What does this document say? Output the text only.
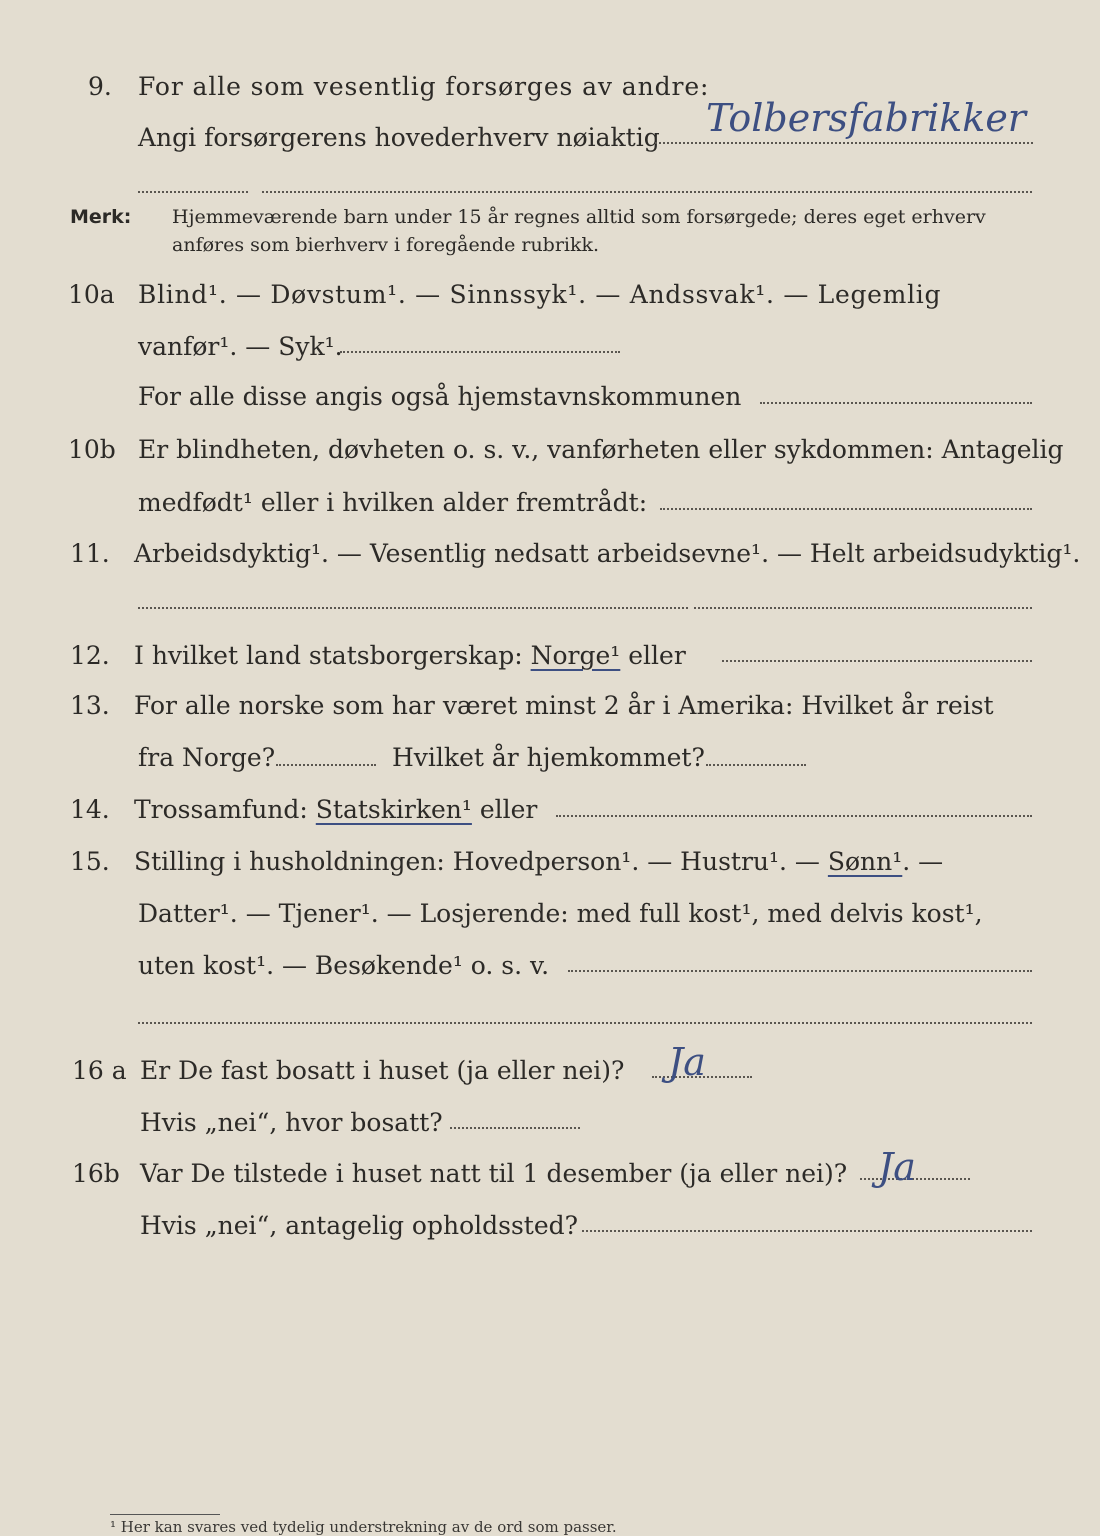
9. For alle som vesentlig forsørges av andre:
Angi forsørgerens hovederhverv nøiaktig Tolbersfabrikker
Merk: Hjemmeværende barn under 15 år regnes alltid som forsørgede; deres eget erhverv
anføres som bierhverv i foregående rubrikk.
10a Blind¹. — Døvstum¹. — Sinnssyk¹. — Andssvak¹. — Legemlig
vanfør¹. — Syk¹.
For alle disse angis også hjemstavnskommunen
10b Er blindheten, døvheten o. s. v., vanførheten eller sykdommen: Antagelig
medfødt¹ eller i hvilken alder fremtrådt:
11. Arbeidsdyktig¹. — Vesentlig nedsatt arbeidsevne¹. — Helt arbeidsudyktig¹.
12. I hvilket land statsborgerskap: Norge¹ eller
13. For alle norske som har været minst 2 år i Amerika: Hvilket år reist
fra Norge?	Hvilket år hjemkommet?
14. Trossamfund: Statskirken¹ eller
15. Stilling i husholdningen: Hovedperson¹. — Hustru¹. — Sønn¹. —
Datter¹. — Tjener¹. — Losjerende: med full kost¹, med delvis kost¹,
uten kost¹. — Besøkende¹ o. s. v.
16 a Er De fast bosatt i huset (ja eller nei)? Ja
Hvis „nei“, hvor bosatt?
16b Var De tilstede i huset natt til 1 desember (ja eller nei)? Ja
Hvis „nei“, antagelig opholdssted?
¹ Her kan svares ved tydelig understrekning av de ord som passer.
